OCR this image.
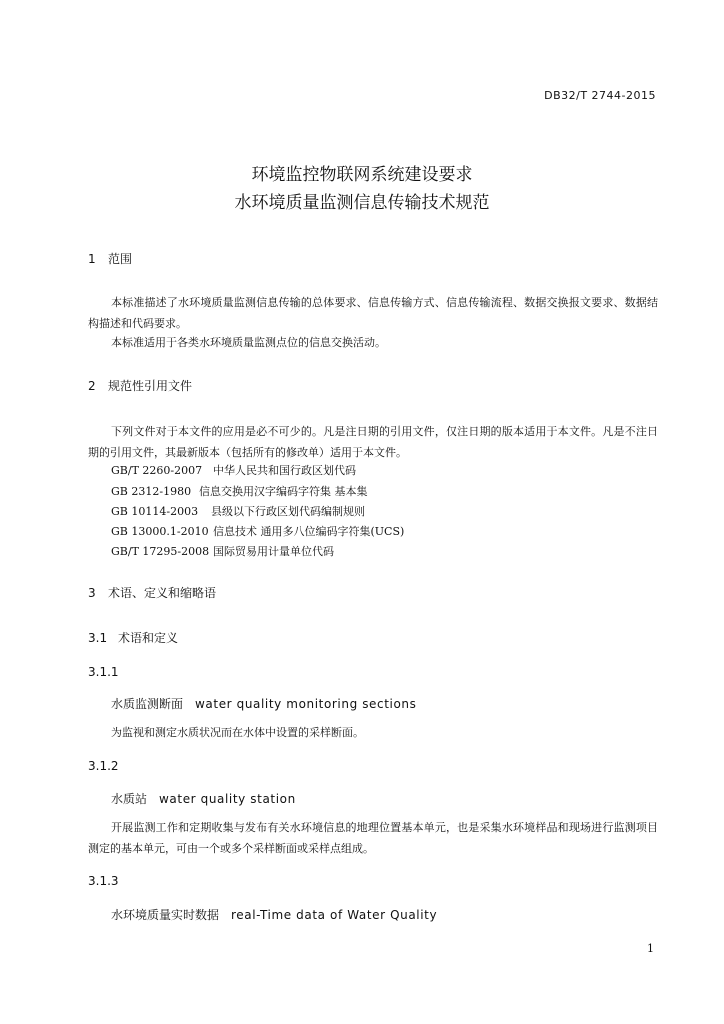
DB32/T 2744-2015
环境监控物联网系统建设要求
水环境质量监测信息传输技术规范
1 范围
本标准描述了水环境质量监测信息传输的总体要求、信息传输方式、信息传输流程、数据交换报文要求、数据结构描述和代码要求。
本标准适用于各类水环境质量监测点位的信息交换活动。
2 规范性引用文件
下列文件对于本文件的应用是必不可少的。凡是注日期的引用文件，仅注日期的版本适用于本文件。凡是不注日期的引用文件，其最新版本（包括所有的修改单）适用于本文件。
GB/T 2260-2007 中华人民共和国行政区划代码
GB 2312-1980 信息交换用汉字编码字符集 基本集
GB 10114-2003 县级以下行政区划代码编制规则
GB 13000.1-2010 信息技术 通用多八位编码字符集(UCS)
GB/T 17295-2008 国际贸易用计量单位代码
3 术语、定义和缩略语
3.1 术语和定义
3.1.1
水质监测断面 water quality monitoring sections
为监视和测定水质状况而在水体中设置的采样断面。
3.1.2
水质站 water quality station
开展监测工作和定期收集与发布有关水环境信息的地理位置基本单元，也是采集水环境样品和现场进行监测项目测定的基本单元，可由一个或多个采样断面或采样点组成。
3.1.3
水环境质量实时数据 real-Time data of Water Quality
1
